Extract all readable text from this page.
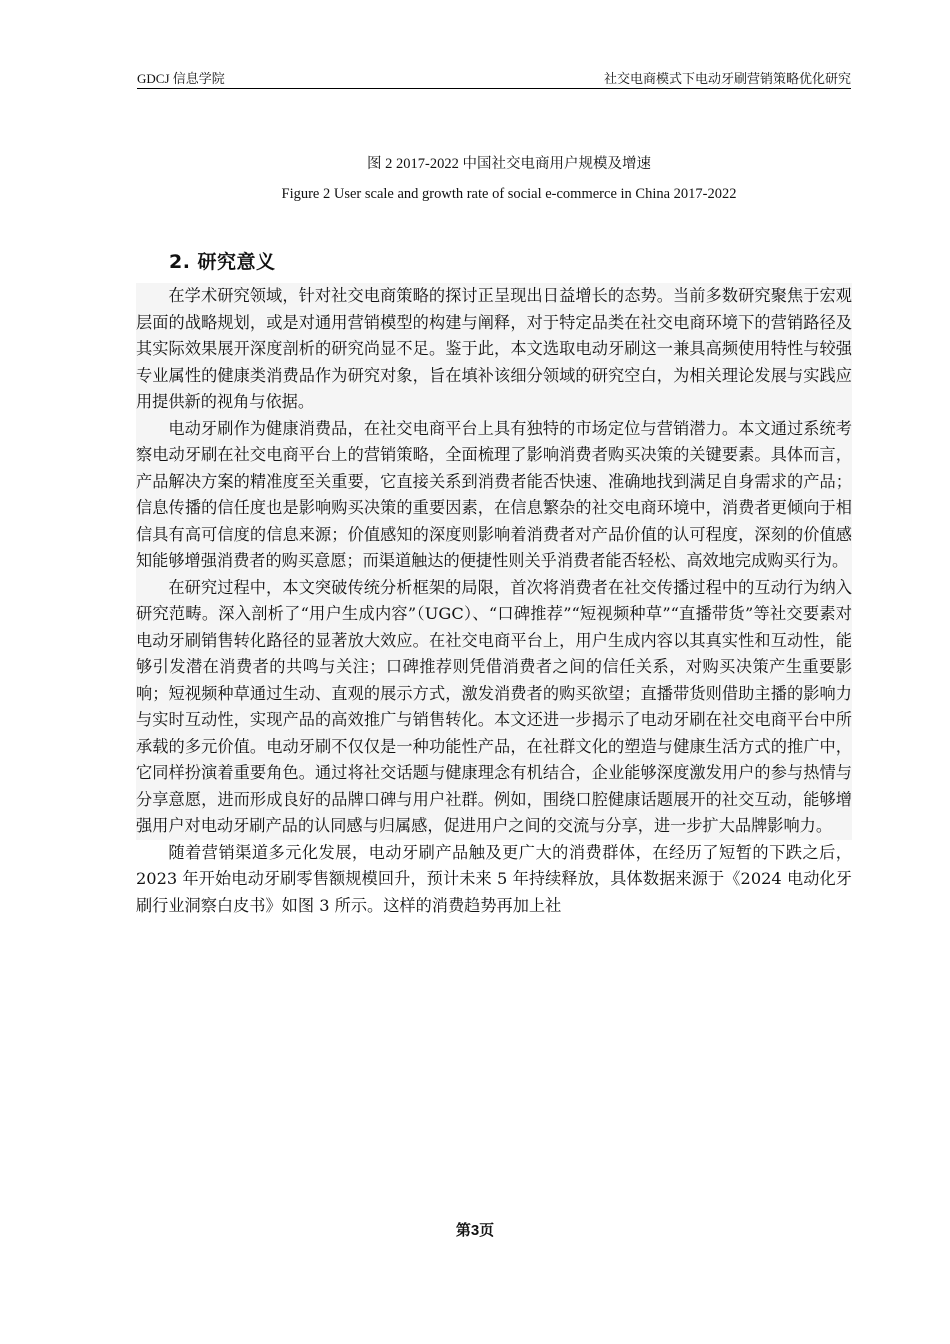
GDCJ 信息学院	社交电商模式下电动牙刷营销策略优化研究
图 2 2017-2022 中国社交电商用户规模及增速
Figure 2 User scale and growth rate of social e-commerce in China 2017-2022
2. 研究意义

在学术研究领域，针对社交电商策略的探讨正呈现出日益增长的态势。当前多数研究聚焦于宏观层面的战略规划，或是对通用营销模型的构建与阐释，对于特定品类在社交电商环境下的营销路径及其实际效果展开深度剖析的研究尚显不足。鉴于此，本文选取电动牙刷这一兼具高频使用特性与较强专业属性的健康类消费品作为研究对象，旨在填补该细分领域的研究空白，为相关理论发展与实践应用提供新的视角与依据。

电动牙刷作为健康消费品，在社交电商平台上具有独特的市场定位与营销潜力。本文通过系统考察电动牙刷在社交电商平台上的营销策略，全面梳理了影响消费者购买决策的关键要素。具体而言，产品解决方案的精准度至关重要，它直接关系到消费者能否快速、准确地找到满足自身需求的产品；信息传播的信任度也是影响购买决策的重要因素，在信息繁杂的社交电商环境中，消费者更倾向于相信具有高可信度的信息来源；价值感知的深度则影响着消费者对产品价值的认可程度，深刻的价值感知能够增强消费者的购买意愿；而渠道触达的便捷性则关乎消费者能否轻松、高效地完成购买行为。

在研究过程中，本文突破传统分析框架的局限，首次将消费者在社交传播过程中的互动行为纳入研究范畴。深入剖析了“用户生成内容”（UGC）、“口碑推荐”“短视频种草”“直播带货”等社交要素对电动牙刷销售转化路径的显著放大效应。在社交电商平台上，用户生成内容以其真实性和互动性，能够引发潜在消费者的共鸣与关注；口碑推荐则凭借消费者之间的信任关系，对购买决策产生重要影响；短视频种草通过生动、直观的展示方式，激发消费者的购买欲望；直播带货则借助主播的影响力与实时互动性，实现产品的高效推广与销售转化。本文还进一步揭示了电动牙刷在社交电商平台中所承载的多元价值。电动牙刷不仅仅是一种功能性产品，在社群文化的塑造与健康生活方式的推广中，它同样扮演着重要角色。通过将社交话题与健康理念有机结合，企业能够深度激发用户的参与热情与分享意愿，进而形成良好的品牌口碑与用户社群。例如，围绕口腔健康话题展开的社交互动，能够增强用户对电动牙刷产品的认同感与归属感，促进用户之间的交流与分享，进一步扩大品牌影响力。

随着营销渠道多元化发展，电动牙刷产品触及更广大的消费群体，在经历了短暂的下跌之后，2023 年开始电动牙刷零售额规模回升，预计未来 5 年持续释放，具体数据来源于《2024 电动化牙刷行业洞察白皮书》如图 3 所示。这样的消费趋势再加上社

第3页
